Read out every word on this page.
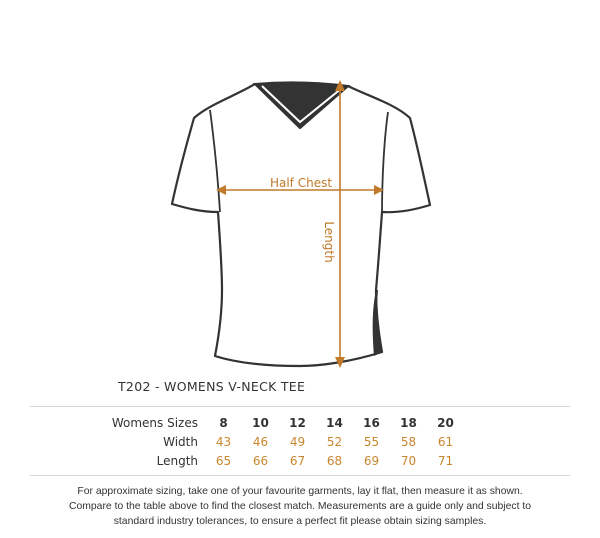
Half Chest
Length
T202 - WOMENS V-NECK TEE
Womens Sizes	8	10	12	14	16	18	20
Width	43	46	49	52	55	58	61
Length	65	66	67	68	69	70	71

For approximate sizing, take one of your favourite garments, lay it flat, then measure it as shown.

Compare to the table above to find the closest match. Measurements are a guide only and subject to

standard industry tolerances, to ensure a perfect fit please obtain sizing samples.
